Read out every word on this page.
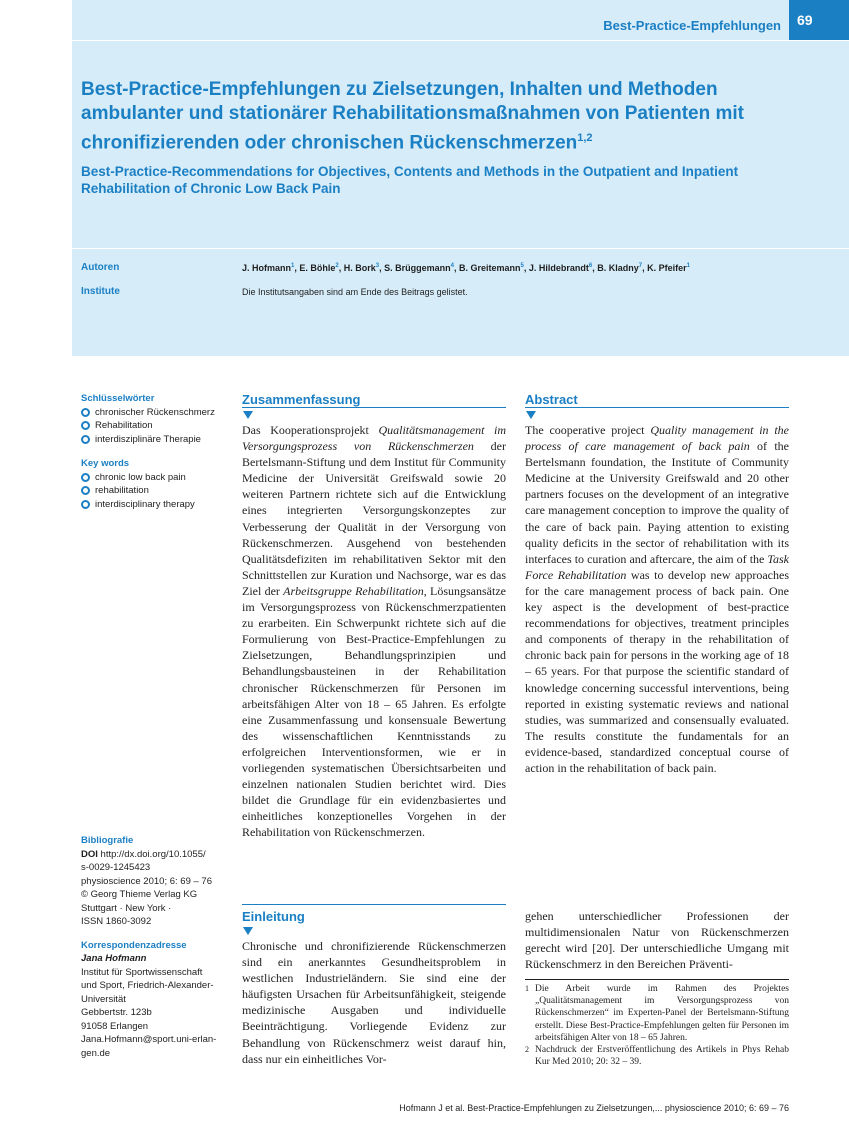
Best-Practice-Empfehlungen 69
Best-Practice-Empfehlungen zu Zielsetzungen, Inhalten und Methoden ambulanter und stationärer Rehabilitationsmaßnahmen von Patienten mit chronifizierenden oder chronischen Rückenschmerzen$^{1,2}$
Best-Practice-Recommendations for Objectives, Contents and Methods in the Outpatient and Inpatient Rehabilitation of Chronic Low Back Pain
Autoren	J. Hofmann$^1$, E. Böhle$^2$, H. Bork$^3$, S. Brüggemann$^4$, B. Greitemann$^5$, J. Hildebrandt$^6$, B. Kladny$^7$, K. Pfeifer$^1$
Institute	Die Institutsangaben sind am Ende des Beitrags gelistet.
Schlüsselwörter
chronischer Rückenschmerz
Rehabilitation
interdisziplinäre Therapie
Key words
chronic low back pain
rehabilitation
interdisciplinary therapy
Bibliografie
DOI http://dx.doi.org/10.1055/
s-0029-1245423
physioscience 2010; 6: 69 – 76
© Georg Thieme Verlag KG
Stuttgart · New York ·
ISSN 1860-3092
Korrespondenzadresse
Jana Hofmann
Institut für Sportwissenschaft
und Sport, Friedrich-Alexander-
Universität
Gebbertstr. 123b
91058 Erlangen
Jana.Hofmann@sport.uni-erlan-
gen.de
Zusammenfassung

Das Kooperationsprojekt Qualitätsmanagement im Versorgungsprozess von Rückenschmerzen der Bertelsmann-Stiftung und dem Institut für Community Medicine der Universität Greifswald sowie 20 weiteren Partnern richtete sich auf die Entwicklung eines integrierten Versorgungskonzeptes zur Verbesserung der Qualität in der Versorgung von Rückenschmerzen. Ausgehend von bestehenden Qualitätsdefiziten im rehabilitativen Sektor mit den Schnittstellen zur Kuration und Nachsorge, war es das Ziel der Arbeitsgruppe Rehabilitation, Lösungsansätze im Versorgungsprozess von Rückenschmerzpatienten zu erarbeiten. Ein Schwerpunkt richtete sich auf die Formulierung von Best-Practice-Empfehlungen zu Zielsetzungen, Behandlungsprinzipien und Behandlungsbausteinen in der Rehabilitation chronischer Rückenschmerzen für Personen im arbeitsfähigen Alter von 18 – 65 Jahren. Es erfolgte eine Zusammenfassung und konsensuale Bewertung des wissenschaftlichen Kenntnisstands zu erfolgreichen Interventionsformen, wie er in vorliegenden systematischen Übersichtsarbeiten und einzelnen nationalen Studien berichtet wird. Dies bildet die Grundlage für ein evidenzbasiertes und einheitliches konzeptionelles Vorgehen in der Rehabilitation von Rückenschmerzen.

Abstract

The cooperative project Quality management in the process of care management of back pain of the Bertelsmann foundation, the Institute of Community Medicine at the University Greifswald and 20 other partners focuses on the development of an integrative care management conception to improve the quality of the care of back pain. Paying attention to existing quality deficits in the sector of rehabilitation with its interfaces to curation and aftercare, the aim of the Task Force Rehabilitation was to develop new approaches for the care management process of back pain. One key aspect is the development of best-practice recommendations for objectives, treatment principles and components of therapy in the rehabilitation of chronic back pain for persons in the working age of 18 – 65 years. For that purpose the scientific standard of knowledge concerning successful interventions, being reported in existing systematic reviews and national studies, was summarized and consensually evaluated. The results constitute the fundamentals for an evidence-based, standardized conceptual course of action in the rehabilitation of back pain.

Einleitung

Chronische und chronifizierende Rückenschmerzen sind ein anerkanntes Gesundheitsproblem in westlichen Industrieländern. Sie sind eine der häufigsten Ursachen für Arbeitsunfähigkeit, steigende medizinische Ausgaben und individuelle Beeinträchtigung. Vorliegende Evidenz zur Behandlung von Rückenschmerz weist darauf hin, dass nur ein einheitliches Vor-

gehen unterschiedlicher Professionen der multidimensionalen Natur von Rückenschmerzen gerecht wird [20]. Der unterschiedliche Umgang mit Rückenschmerz in den Bereichen Präventi-

1 Die Arbeit wurde im Rahmen des Projektes „Qualitätsmanagement im Versorgungsprozess von Rückenschmerzen“ im Experten-Panel der Bertelsmann-Stiftung erstellt. Diese Best-Practice-Empfehlungen gelten für Personen im arbeitsfähigen Alter von 18 – 65 Jahren.
2 Nachdruck der Erstveröffentlichung des Artikels in Phys Rehab Kur Med 2010; 20: 32 – 39.
Hofmann J et al. Best-Practice-Empfehlungen zu Zielsetzungen,... physioscience 2010; 6: 69 – 76
